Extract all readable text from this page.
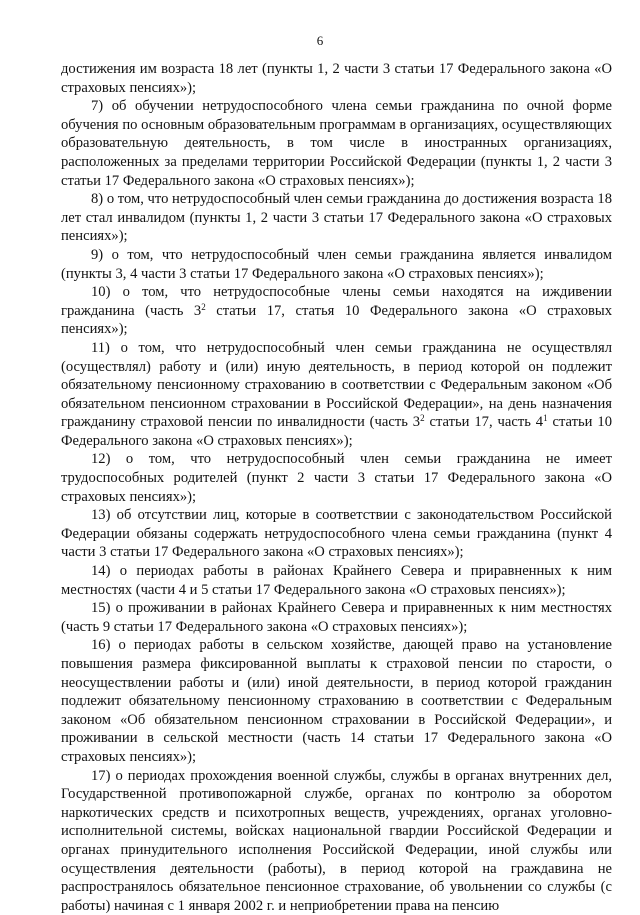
6

достижения им возраста 18 лет (пункты 1, 2 части 3 статьи 17 Федерального закона «О страховых пенсиях»);

7) об обучении нетрудоспособного члена семьи гражданина по очной форме обучения по основным образовательным программам в организациях, осуществляющих образовательную деятельность, в том числе в иностранных организациях, расположенных за пределами территории Российской Федерации (пункты 1, 2 части 3 статьи 17 Федерального закона «О страховых пенсиях»);

8) о том, что нетрудоспособный член семьи гражданина до достижения возраста 18 лет стал инвалидом (пункты 1, 2 части 3 статьи 17 Федерального закона «О страховых пенсиях»);

9) о том, что нетрудоспособный член семьи гражданина является инвалидом (пункты 3, 4 части 3 статьи 17 Федерального закона «О страховых пенсиях»);

10) о том, что нетрудоспособные члены семьи находятся на иждивении гражданина (часть $3^2$ статьи 17, статья 10 Федерального закона «О страховых пенсиях»);

11) о том, что нетрудоспособный член семьи гражданина не осуществлял (осуществлял) работу и (или) иную деятельность, в период которой он подлежит обязательному пенсионному страхованию в соответствии с Федеральным законом «Об обязательном пенсионном страховании в Российской Федерации», на день назначения гражданину страховой пенсии по инвалидности (часть $3^2$ статьи 17, часть $4^1$ статьи 10 Федерального закона «О страховых пенсиях»);

12) о том, что нетрудоспособный член семьи гражданина не имеет трудоспособных родителей (пункт 2 части 3 статьи 17 Федерального закона «О страховых пенсиях»);

13) об отсутствии лиц, которые в соответствии с законодательством Российской Федерации обязаны содержать нетрудоспособного члена семьи гражданина (пункт 4 части 3 статьи 17 Федерального закона «О страховых пенсиях»);

14) о периодах работы в районах Крайнего Севера и приравненных к ним местностях (части 4 и 5 статьи 17 Федерального закона «О страховых пенсиях»);

15) о проживании в районах Крайнего Севера и приравненных к ним местностях (часть 9 статьи 17 Федерального закона «О страховых пенсиях»);

16) о периодах работы в сельском хозяйстве, дающей право на установление повышения размера фиксированной выплаты к страховой пенсии по старости, о неосуществлении работы и (или) иной деятельности, в период которой гражданин подлежит обязательному пенсионному страхованию в соответствии с Федеральным законом «Об обязательном пенсионном страховании в Российской Федерации», и проживании в сельской местности (часть 14 статьи 17 Федерального закона «О страховых пенсиях»);

17) о периодах прохождения военной службы, службы в органах внутренних дел, Государственной противопожарной службе, органах по контролю за оборотом наркотических средств и психотропных веществ, учреждениях, органах уголовно-исполнительной системы, войсках национальной гвардии Российской Федерации и органах принудительного исполнения Российской Федерации, иной службы или осуществления деятельности (работы), в период которой на граждавина не распространялось обязательное пенсионное страхование, об увольнении со службы (с работы) начиная с 1 января 2002 г. и неприобретении права на пенсию
